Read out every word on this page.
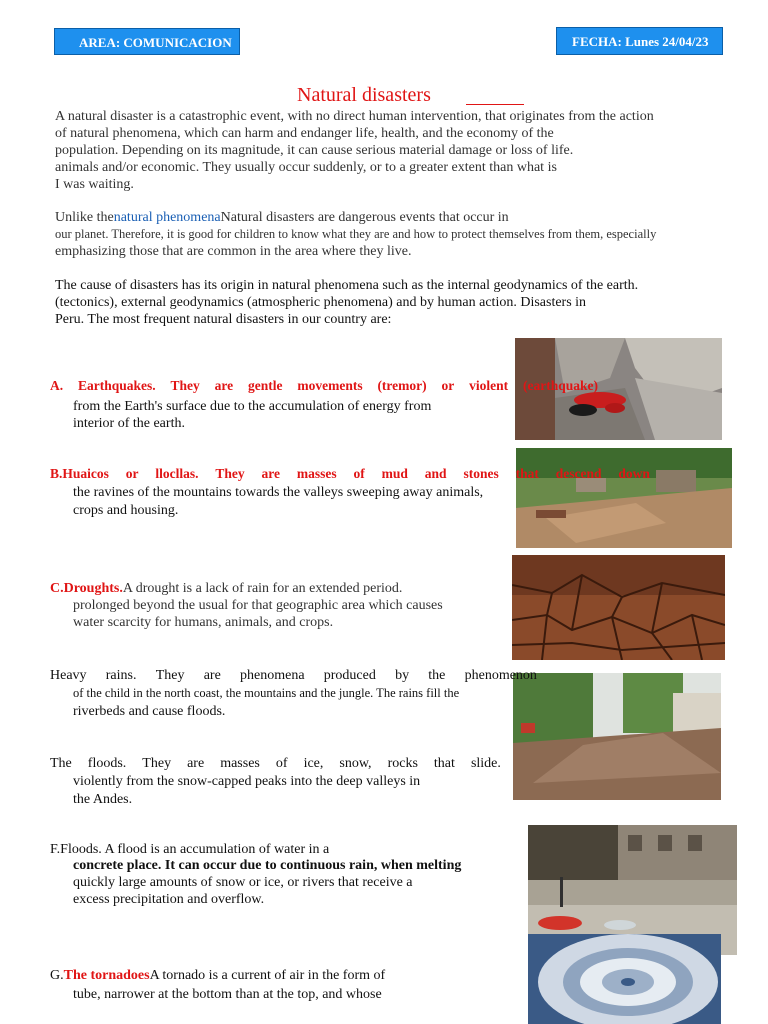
AREA: COMUNICACION	FECHA: Lunes 24/04/23
Natural disasters
A natural disaster is a catastrophic event, with no direct human intervention, that originates from the action
of natural phenomena, which can harm and endanger life, health, and the economy of the
population. Depending on its magnitude, it can cause serious material damage or loss of life.
animals and/or economic. They usually occur suddenly, or to a greater extent than what is
I was waiting.
Unlike thenatural phenomenaNatural disasters are dangerous events that occur in
our planet. Therefore, it is good for children to know what they are and how to protect themselves from them, especially
emphasizing those that are common in the area where they live.
The cause of disasters has its origin in natural phenomena such as the internal geodynamics of the earth.
(tectonics), external geodynamics (atmospheric phenomena) and by human action. Disasters in
Peru. The most frequent natural disasters in our country are:
A. Earthquakes. They are gentle movements (tremor) or violent (earthquake)
from the Earth's surface due to the accumulation of energy from
interior of the earth.
B.Huaicos or llocllas. They are masses of mud and stones that descend down
the ravines of the mountains towards the valleys sweeping away animals,
crops and housing.
C.Droughts.A drought is a lack of rain for an extended period.
prolonged beyond the usual for that geographic area which causes
water scarcity for humans, animals, and crops.
Heavy rains. They are phenomena produced by the phenomenon
of the child in the north coast, the mountains and the jungle. The rains fill the
riverbeds and cause floods.
The floods. They are masses of ice, snow, rocks that slide.
violently from the snow-capped peaks into the deep valleys in
the Andes.
F.Floods. A flood is an accumulation of water in a
concrete place. It can occur due to continuous rain, when melting
quickly large amounts of snow or ice, or rivers that receive a
excess precipitation and overflow.
G.The tornadoesA tornado is a current of air in the form of
tube, narrower at the bottom than at the top, and whose
